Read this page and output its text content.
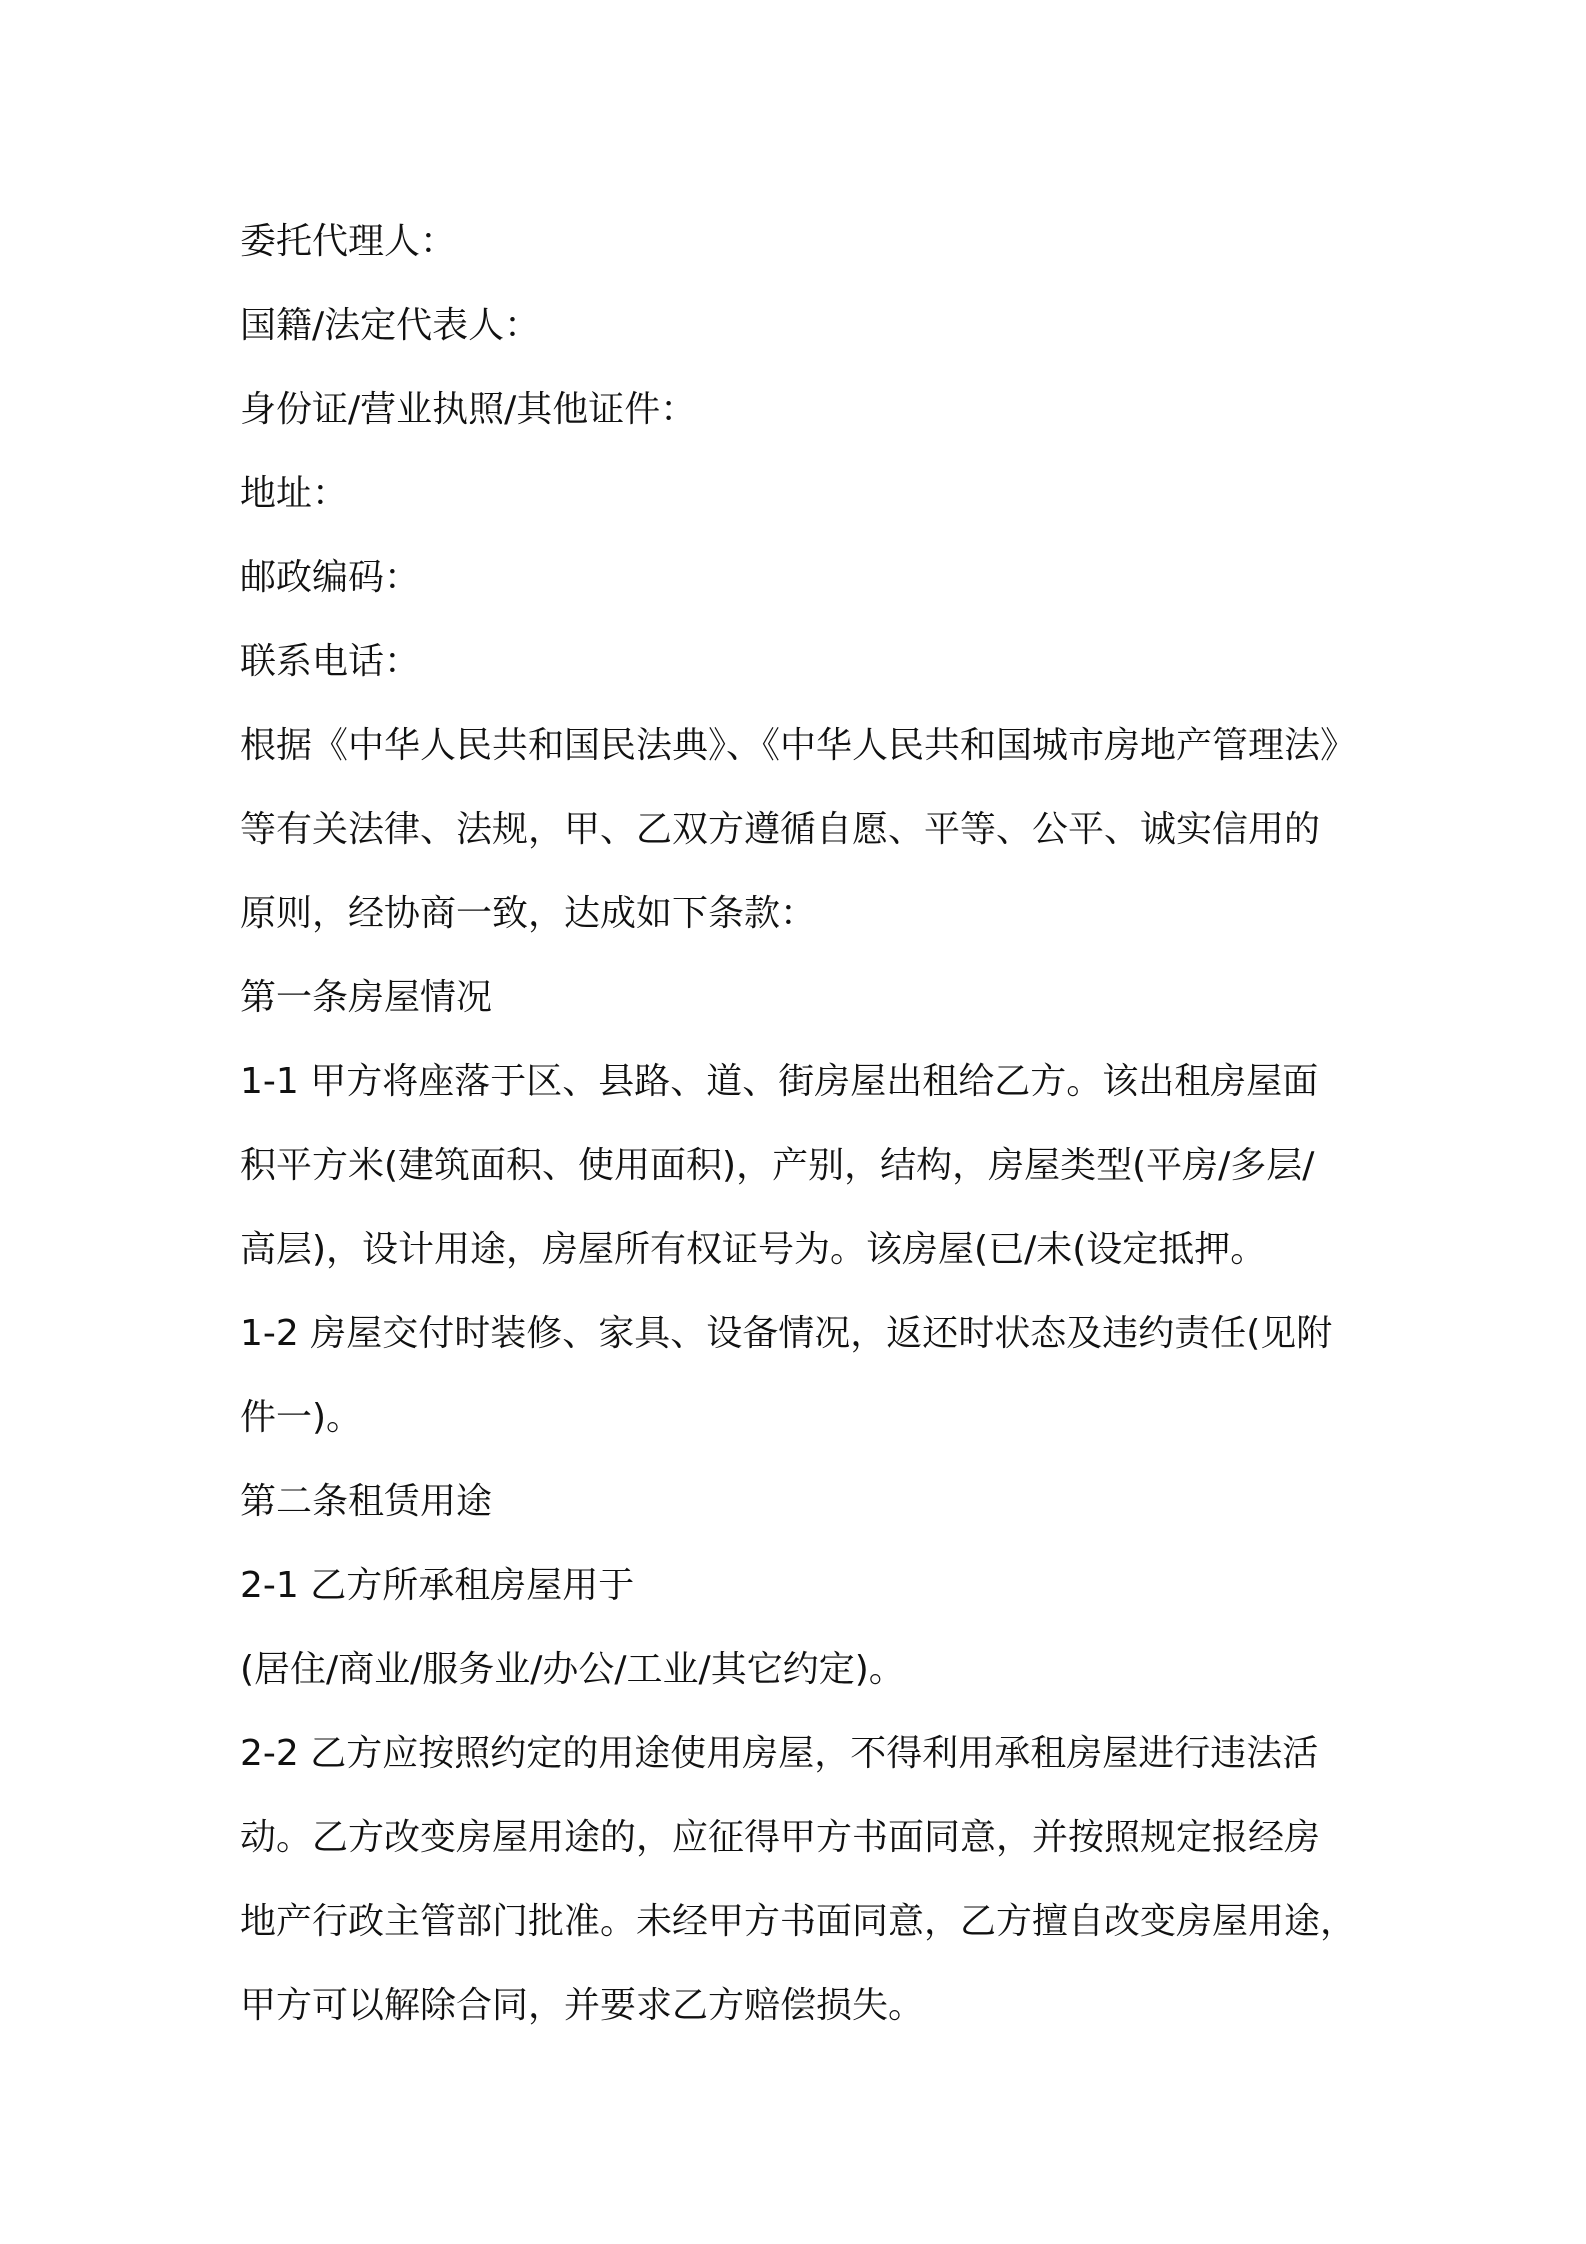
委托代理人：
国籍/法定代表人：
身份证/营业执照/其他证件：
地址：
邮政编码：
联系电话：
根据《中华人民共和国民法典》、《中华人民共和国城市房地产管理法》
等有关法律、法规，甲、乙双方遵循自愿、平等、公平、诚实信用的
原则，经协商一致，达成如下条款：
第一条房屋情况
1-1 甲方将座落于区、县路、道、街房屋出租给乙方。该出租房屋面
积平方米(建筑面积、使用面积)，产别，结构，房屋类型(平房/多层/
高层)，设计用途，房屋所有权证号为。该房屋(已/未(设定抵押。
1-2 房屋交付时装修、家具、设备情况，返还时状态及违约责任(见附
件一)。
第二条租赁用途
2-1 乙方所承租房屋用于
(居住/商业/服务业/办公/工业/其它约定)。
2-2 乙方应按照约定的用途使用房屋，不得利用承租房屋进行违法活
动。乙方改变房屋用途的，应征得甲方书面同意，并按照规定报经房
地产行政主管部门批准。未经甲方书面同意，乙方擅自改变房屋用途，
甲方可以解除合同，并要求乙方赔偿损失。
